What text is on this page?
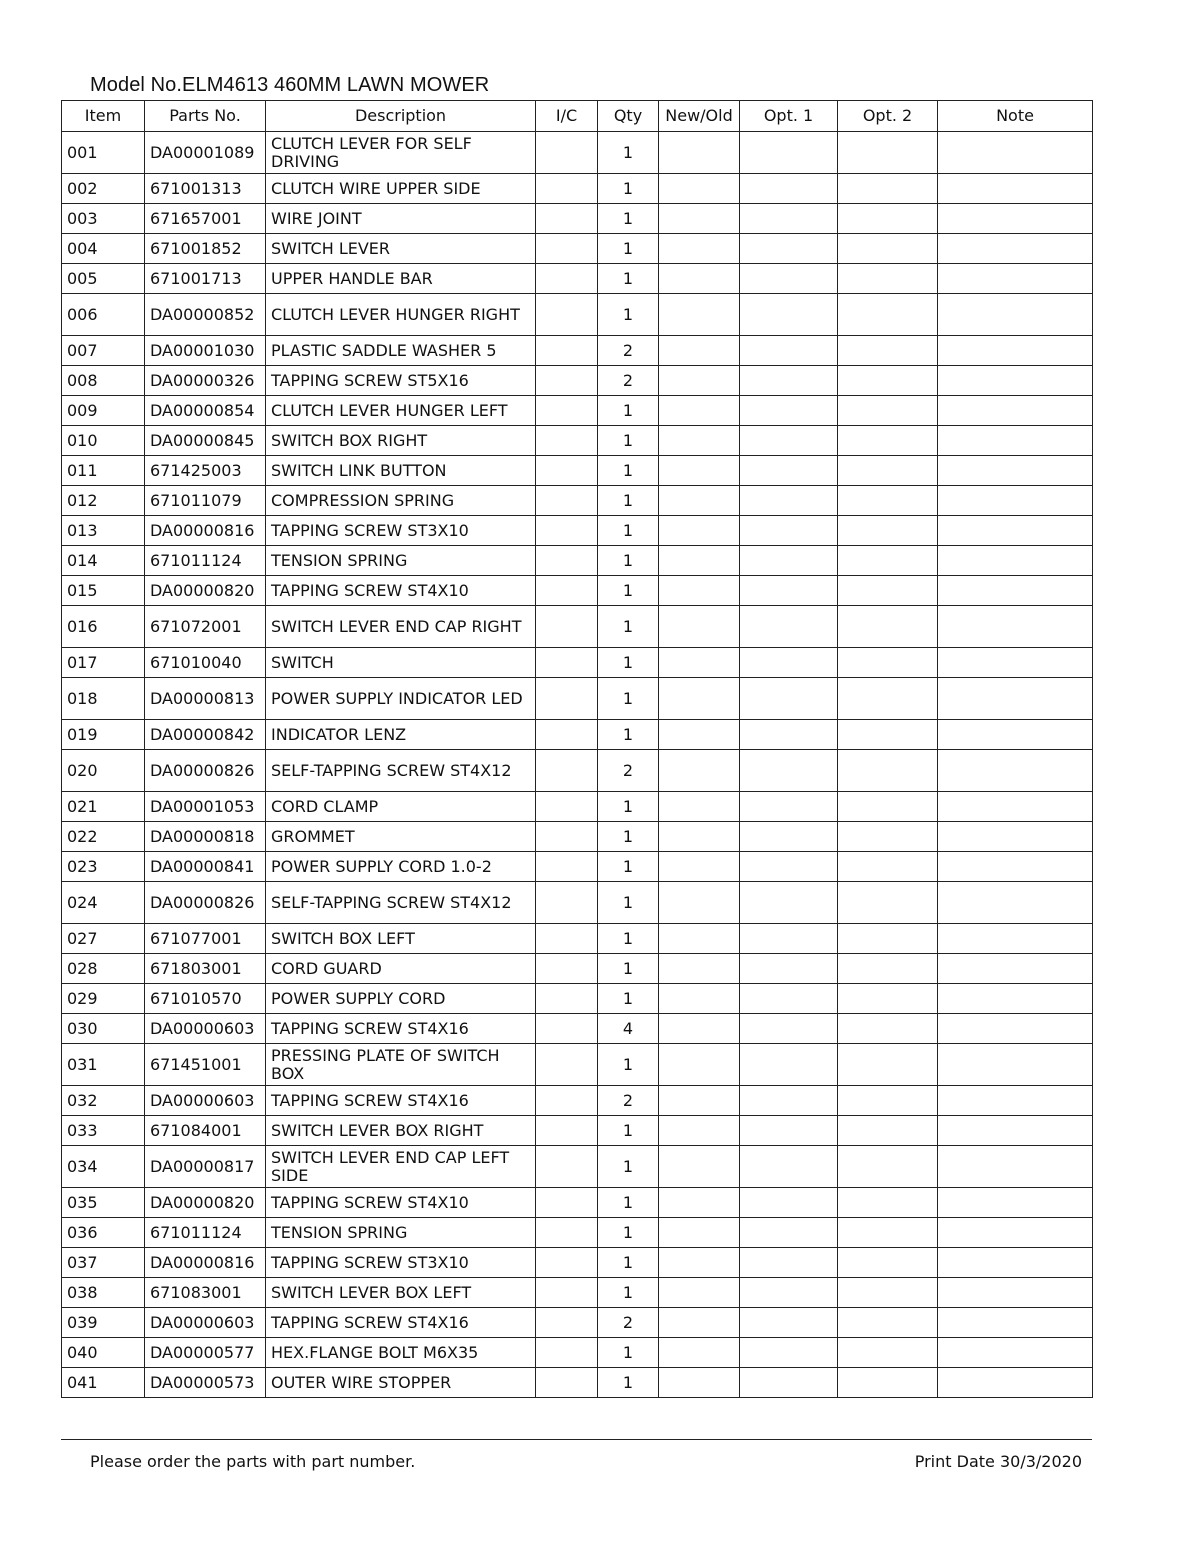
Model No.ELM4613 460MM LAWN MOWER
Item	Parts No.	Description	I/C	Qty	New/Old	Opt. 1	Opt. 2	Note
001	DA00001089	CLUTCH LEVER FOR SELF DRIVING		1				
002	671001313	CLUTCH WIRE UPPER SIDE		1				
003	671657001	WIRE JOINT		1				
004	671001852	SWITCH LEVER		1				
005	671001713	UPPER HANDLE BAR		1				
006	DA00000852	CLUTCH LEVER HUNGER RIGHT		1				
007	DA00001030	PLASTIC SADDLE WASHER 5		2				
008	DA00000326	TAPPING SCREW ST5X16		2				
009	DA00000854	CLUTCH LEVER HUNGER LEFT		1				
010	DA00000845	SWITCH BOX RIGHT		1				
011	671425003	SWITCH LINK BUTTON		1				
012	671011079	COMPRESSION SPRING		1				
013	DA00000816	TAPPING SCREW ST3X10		1				
014	671011124	TENSION SPRING		1				
015	DA00000820	TAPPING SCREW ST4X10		1				
016	671072001	SWITCH LEVER END CAP RIGHT		1				
017	671010040	SWITCH		1				
018	DA00000813	POWER SUPPLY INDICATOR LED		1				
019	DA00000842	INDICATOR LENZ		1				
020	DA00000826	SELF-TAPPING SCREW ST4X12		2				
021	DA00001053	CORD CLAMP		1				
022	DA00000818	GROMMET		1				
023	DA00000841	POWER SUPPLY CORD 1.0-2		1				
024	DA00000826	SELF-TAPPING SCREW ST4X12		1				
027	671077001	SWITCH BOX LEFT		1				
028	671803001	CORD GUARD		1				
029	671010570	POWER SUPPLY CORD		1				
030	DA00000603	TAPPING SCREW ST4X16		4				
031	671451001	PRESSING PLATE OF SWITCH BOX		1				
032	DA00000603	TAPPING SCREW ST4X16		2				
033	671084001	SWITCH LEVER BOX RIGHT		1				
034	DA00000817	SWITCH LEVER END CAP LEFT SIDE		1				
035	DA00000820	TAPPING SCREW ST4X10		1				
036	671011124	TENSION SPRING		1				
037	DA00000816	TAPPING SCREW ST3X10		1				
038	671083001	SWITCH LEVER BOX LEFT		1				
039	DA00000603	TAPPING SCREW ST4X16		2				
040	DA00000577	HEX.FLANGE BOLT M6X35		1				
041	DA00000573	OUTER WIRE STOPPER		1				
Please order the parts with part number.	Print Date 30/3/2020
